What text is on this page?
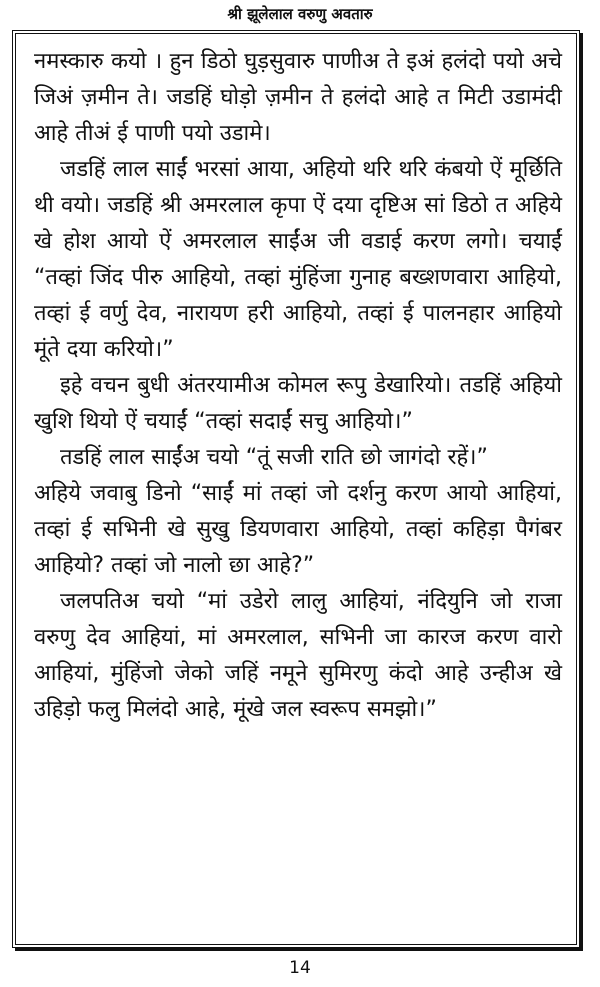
श्री झूलेलाल वरुणु अवतारु

नमस्कारु कयो । हुन डिठो घुड़सुवारु पाणीअ ते इअं हलंदो पयो अचे जिअं ज़मीन ते। जडहिं घोड़ो ज़मीन ते हलंदो आहे त मिटी उडामंदी आहे तीअं ई पाणी पयो उडामे।

जडहिं लाल साईं भरसां आया, अहियो थरि थरि कंबयो ऐं मूर्छिति थी वयो। जडहिं श्री अमरलाल कृपा ऐं दया दृष्टिअ सां डिठो त अहिये खे होश आयो ऐं अमरलाल साईंअ जी वडाई करण लगो। चयाईं “तव्हां जिंद पीरु आहियो, तव्हां मुंहिंजा गुनाह बख्शणवारा आहियो, तव्हां ई वर्णु देव, नारायण हरी आहियो, तव्हां ई पालनहार आहियो मूंते दया करियो।”

इहे वचन बुधी अंतरयामीअ कोमल रूपु डेखारियो। तडहिं अहियो खुशि थियो ऐं चयाईं “तव्हां सदाईं सचु आहियो।”

तडहिं लाल साईंअ चयो “तूं सजी राति छो जागंदो रहें।”

अहिये जवाबु डिनो “साईं मां तव्हां जो दर्शनु करण आयो आहियां, तव्हां ई सभिनी खे सुखु डियणवारा आहियो, तव्हां कहिड़ा पैगंबर आहियो? तव्हां जो नालो छा आहे?”

जलपतिअ चयो “मां उडेरो लालु आहियां, नंदियुनि जो राजा वरुणु देव आहियां, मां अमरलाल, सभिनी जा कारज करण वारो आहियां, मुंहिंजो जेको जहिं नमूने सुमिरणु कंदो आहे उन्हीअ खे उहिड़ो फलु मिलंदो आहे, मूंखे जल स्वरूप समझो।”

14
